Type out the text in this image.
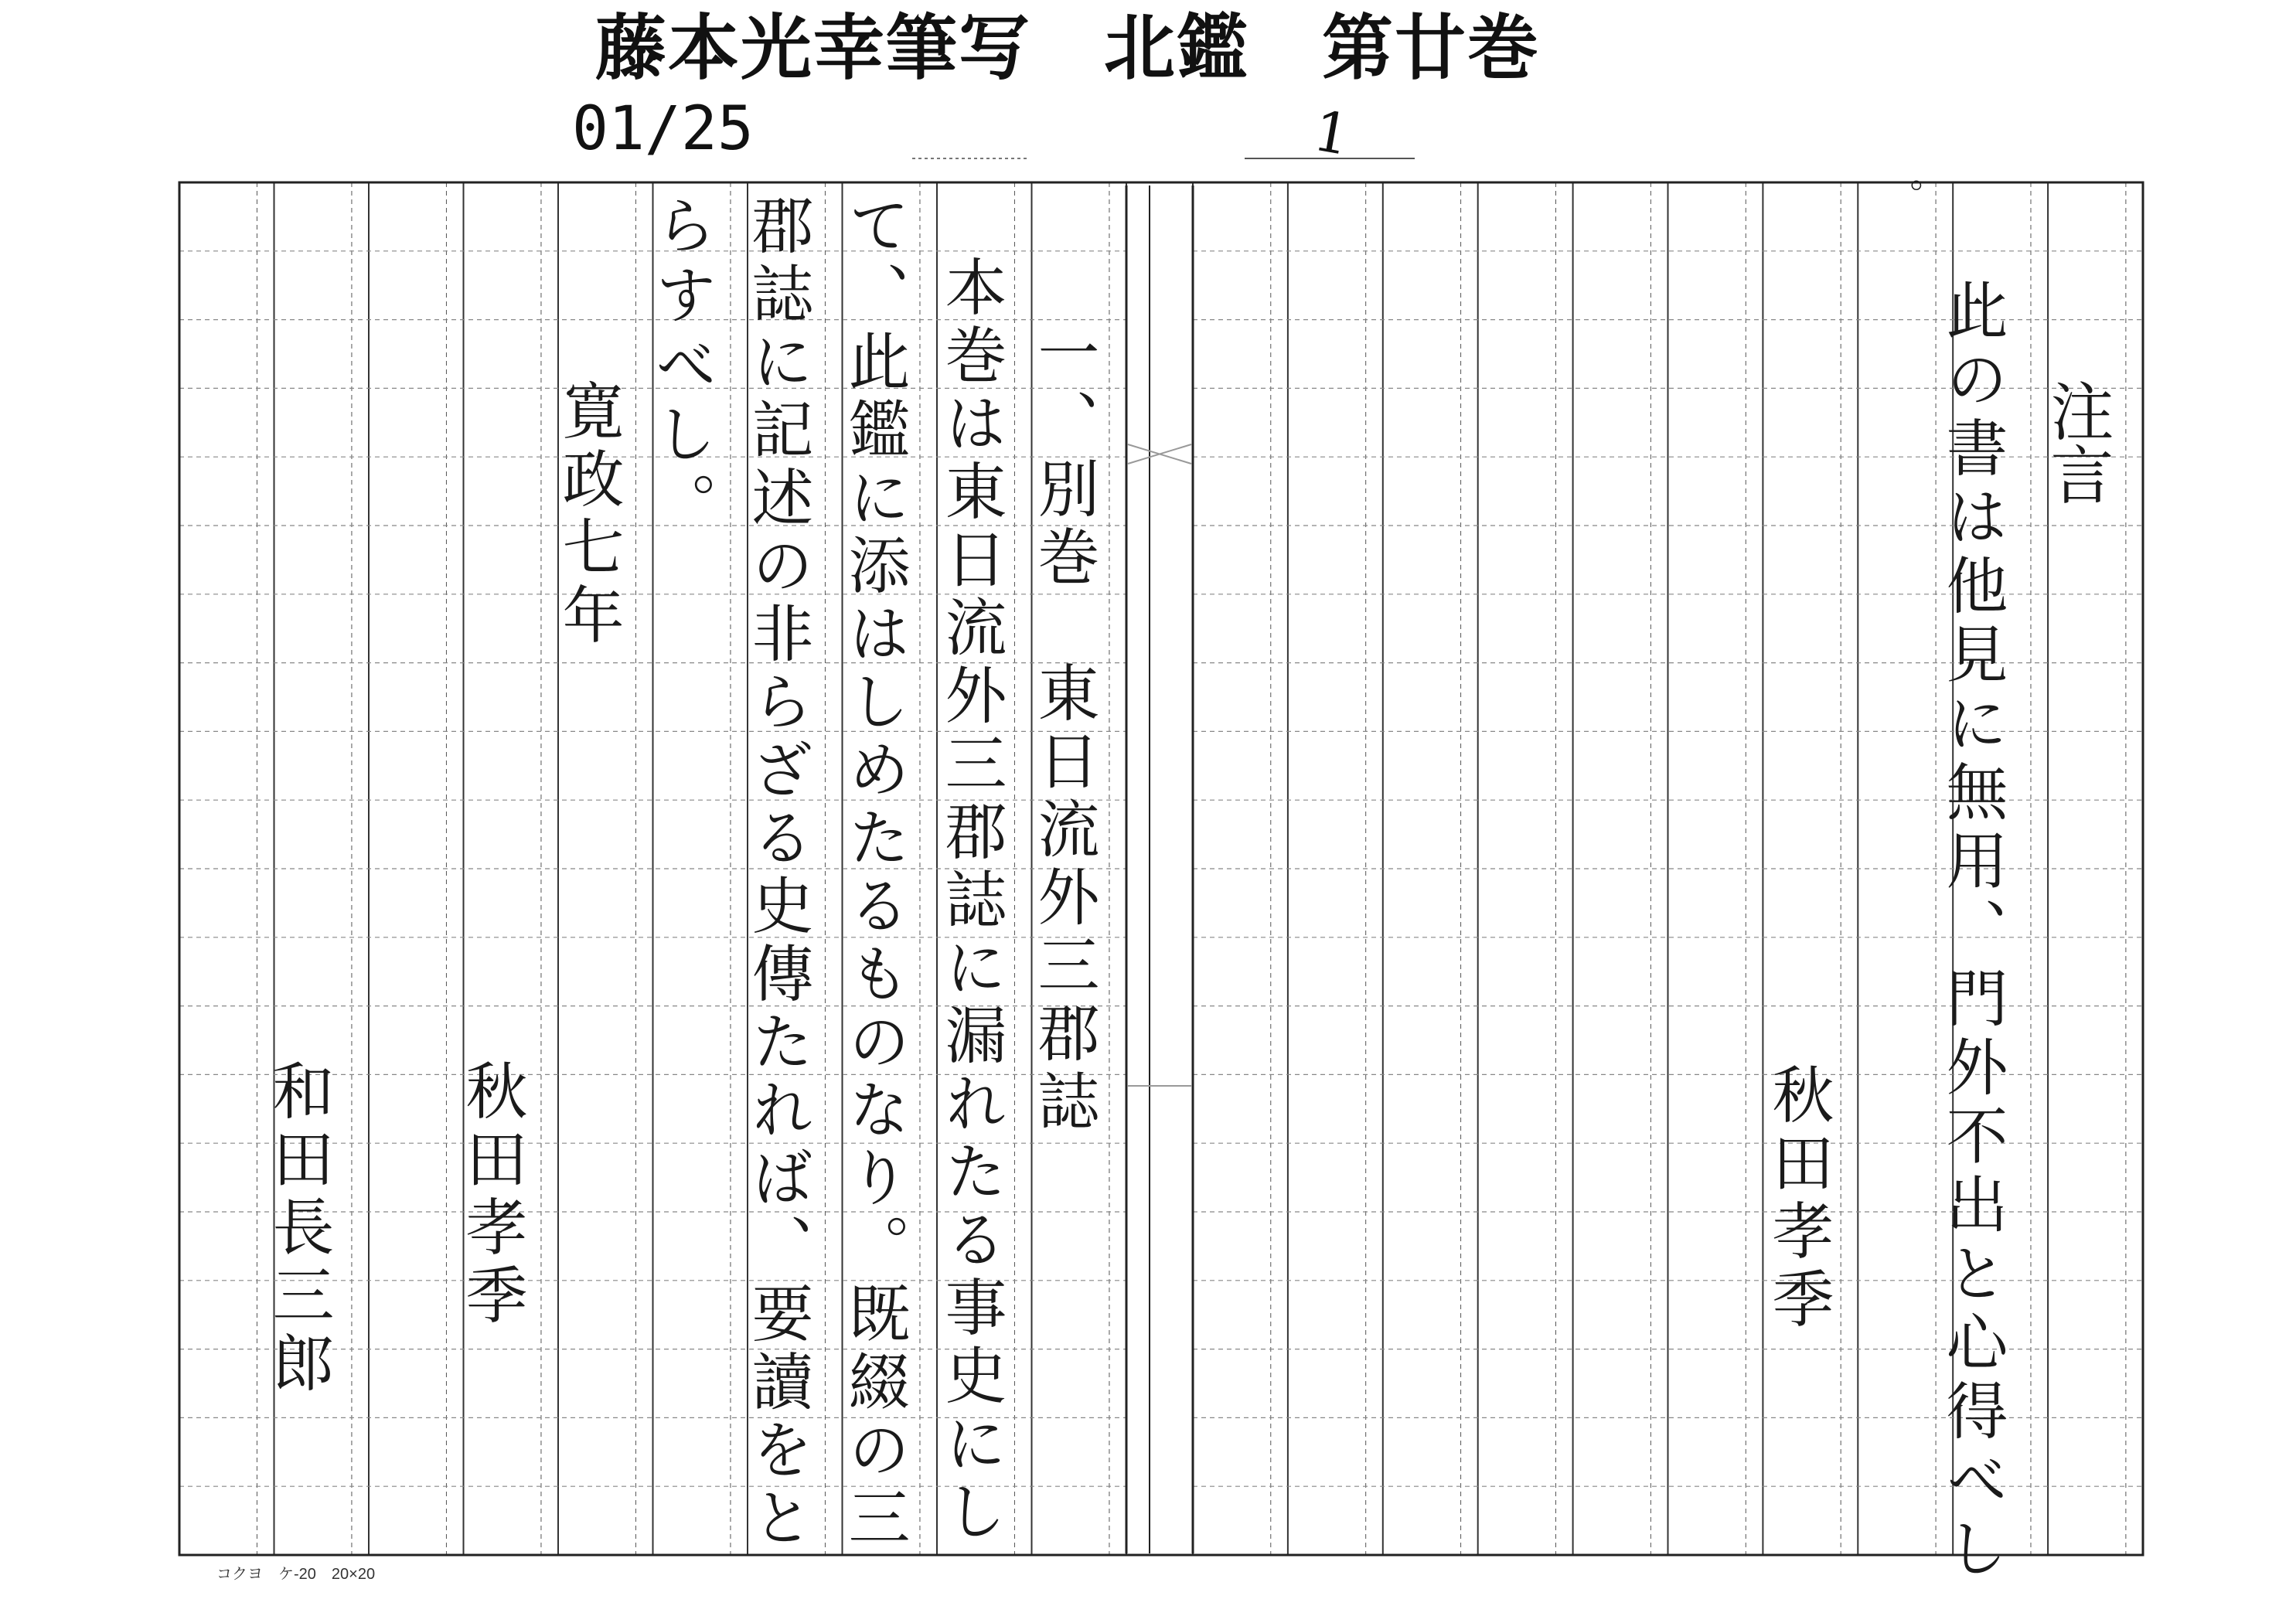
藤本光幸筆写　北鑑　第廿巻
01/25	1
注言
此の書は他見に無用、門外不出と心得べし
。
秋田孝季
一、別巻　東日流外三郡誌
本巻は東日流外三郡誌に漏れたる事史にし
て、此鑑に添はしめたるものなり。既綴の三
郡誌に記述の非らざる史傳たれば、要讀をと
らすべし。
寛政七年
秋田孝季
和田長三郎
コクヨ　ケ-20　20×20
